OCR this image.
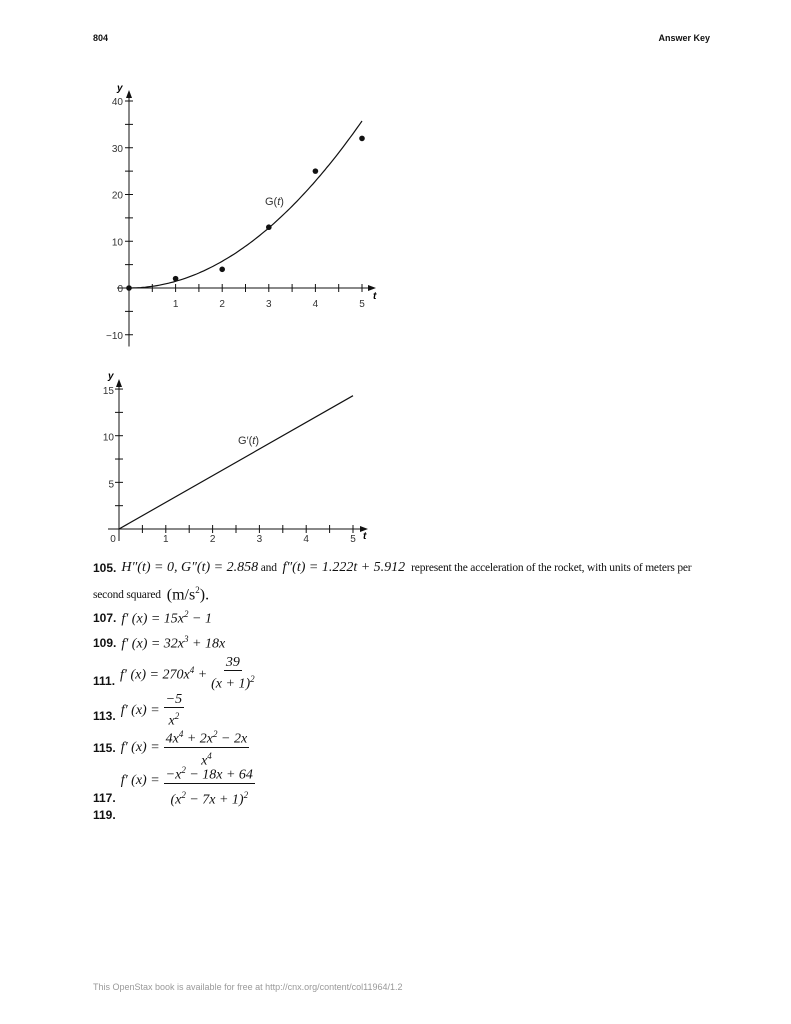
804	Answer Key
1	2	3	4	5
40
30
20
10
0
−10
t
y
G(t)
0	1	2	3	4	5
15
10
5
t
y
G′(t)
105. H″(t) = 0, G″(t) = 2.858 and f″(t) = 1.222t + 5.912 represent the acceleration of the rocket, with units of meters per
second squared $(m/s^2)$.
107. f′ $(x) = 15x^2 - 1$
109. f′ $(x) = 32x^3 + 18x$
111. f′ $(x) = 270x^4 + \frac{39}{(x + 1)^2}$
113. f′ $(x) = \frac{-5}{x^2}$
115. f′ $(x) = \frac{4x^4 + 2x^2 - 2x}{x^4}$
117.
f′ $(x) = \frac{-x^2 - 18x + 64}{(x^2 - 7x + 1)^2}$
119.
This OpenStax book is available for free at http://cnx.org/content/col11964/1.2
